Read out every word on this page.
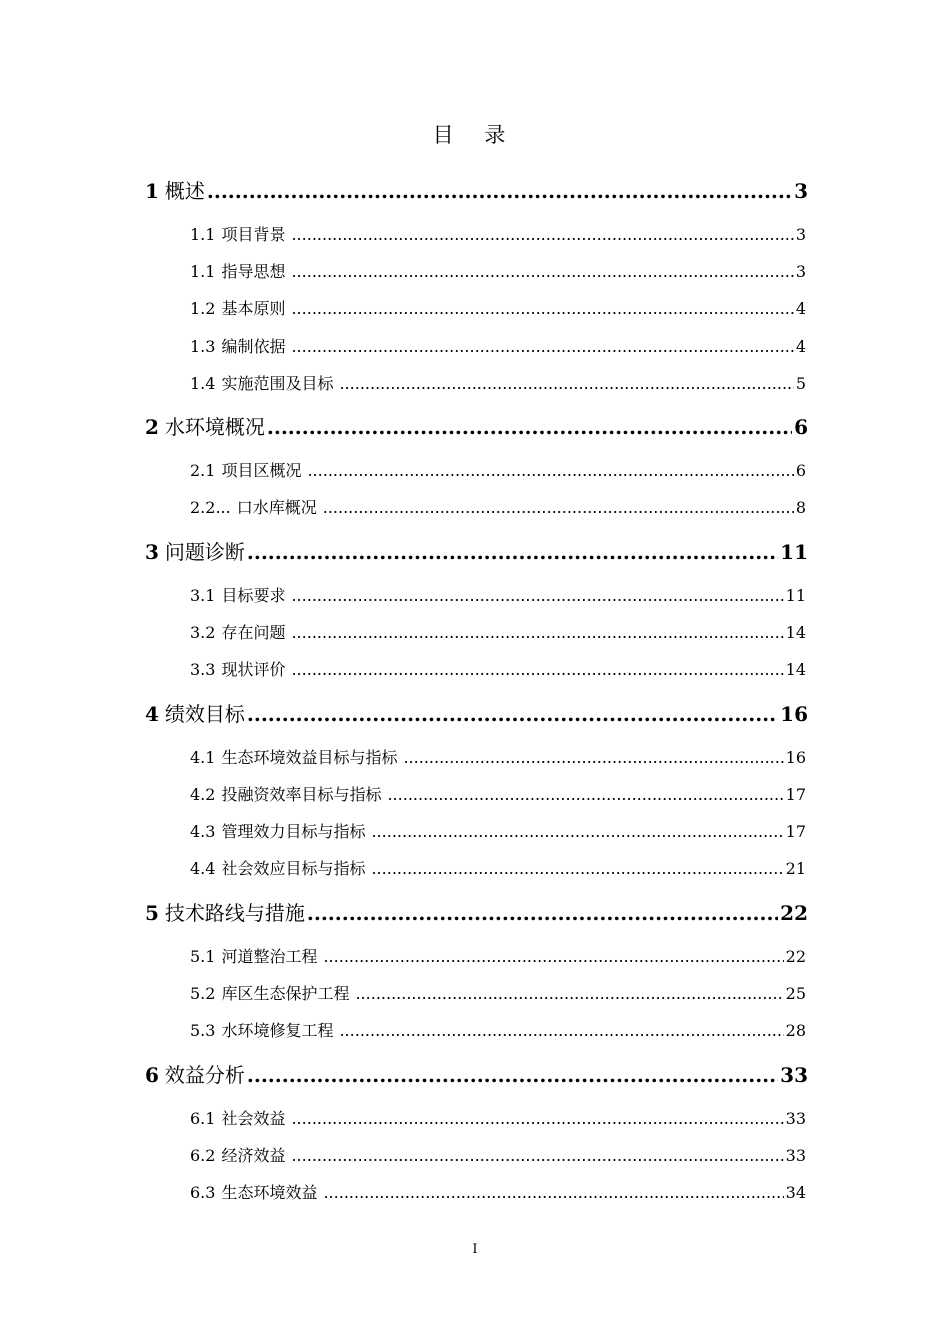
目 录
1 概述 .....	3
1.1 项目背景 .....	3
1.1 指导思想 .....	3
1.2 基本原则 .....	4
1.3 编制依据 .....	4
1.4 实施范围及目标 .....	5
2 水环境概况 .....	6
2.1 项目区概况 .....	6
2.2... 口水库概况 .....	8
3 问题诊断 .....	11
3.1 目标要求 .....	11
3.2 存在问题 .....	14
3.3 现状评价 .....	14
4 绩效目标 .....	16
4.1 生态环境效益目标与指标 .....	16
4.2 投融资效率目标与指标 .....	17
4.3 管理效力目标与指标 .....	17
4.4 社会效应目标与指标 .....	21
5 技术路线与措施 .....	22
5.1 河道整治工程 .....	22
5.2 库区生态保护工程 .....	25
5.3 水环境修复工程 .....	28
6 效益分析 .....	33
6.1 社会效益 .....	33
6.2 经济效益 .....	33
6.3 生态环境效益 .....	34
I
